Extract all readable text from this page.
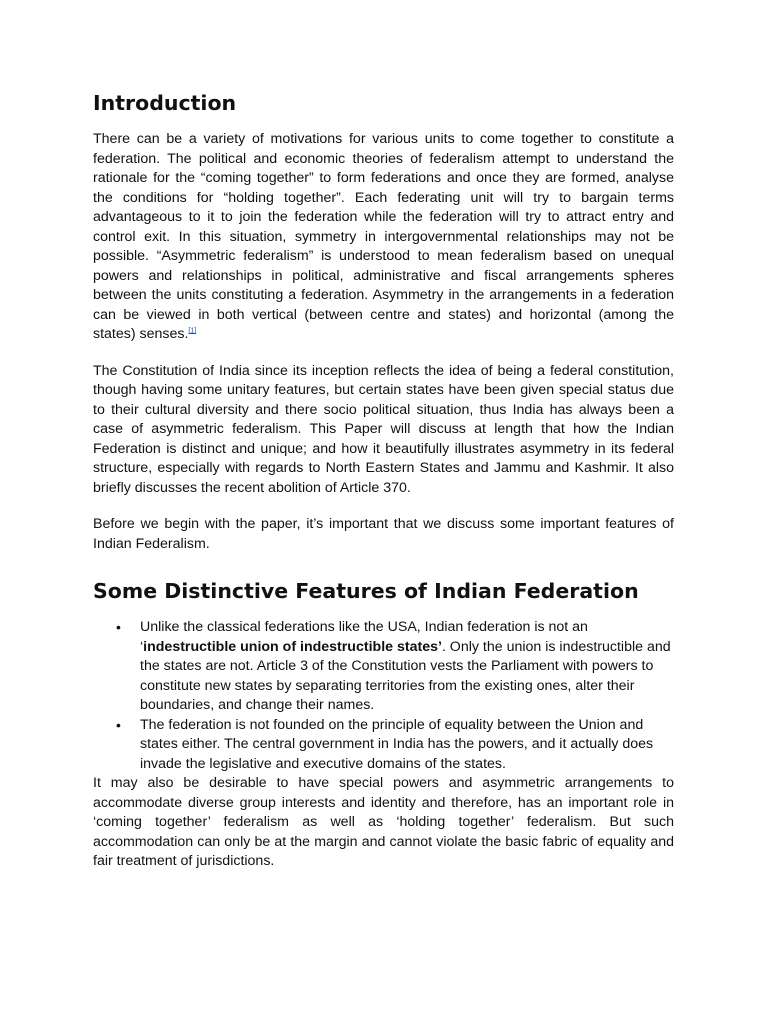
Introduction

There can be a variety of motivations for various units to come together to constitute a federation. The political and economic theories of federalism attempt to understand the rationale for the “coming together” to form federations and once they are formed, analyse the conditions for “holding together”. Each federating unit will try to bargain terms advantageous to it to join the federation while the federation will try to attract entry and control exit. In this situation, symmetry in intergovernmental relationships may not be possible. “Asymmetric federalism” is understood to mean federalism based on unequal powers and relationships in political, administrative and fiscal arrangements spheres between the units constituting a federation. Asymmetry in the arrangements in a federation can be viewed in both vertical (between centre and states) and horizontal (among the states) senses.[1]

The Constitution of India since its inception reflects the idea of being a federal constitution, though having some unitary features, but certain states have been given special status due to their cultural diversity and there socio political situation, thus India has always been a case of asymmetric federalism. This Paper will discuss at length that how the Indian Federation is distinct and unique; and how it beautifully illustrates asymmetry in its federal structure, especially with regards to North Eastern States and Jammu and Kashmir. It also briefly discusses the recent abolition of Article 370.

Before we begin with the paper, it’s important that we discuss some important features of Indian Federalism.

Some Distinctive Features of Indian Federation
• Unlike the classical federations like the USA, Indian federation is not an ‘indestructible union of indestructible states’. Only the union is indestructible and the states are not. Article 3 of the Constitution vests the Parliament with powers to constitute new states by separating territories from the existing ones, alter their boundaries, and change their names.
• The federation is not founded on the principle of equality between the Union and states either. The central government in India has the powers, and it actually does invade the legislative and executive domains of the states.

It may also be desirable to have special powers and asymmetric arrangements to accommodate diverse group interests and identity and therefore, has an important role in ‘coming together’ federalism as well as ‘holding together’ federalism. But such accommodation can only be at the margin and cannot violate the basic fabric of equality and fair treatment of jurisdictions.
